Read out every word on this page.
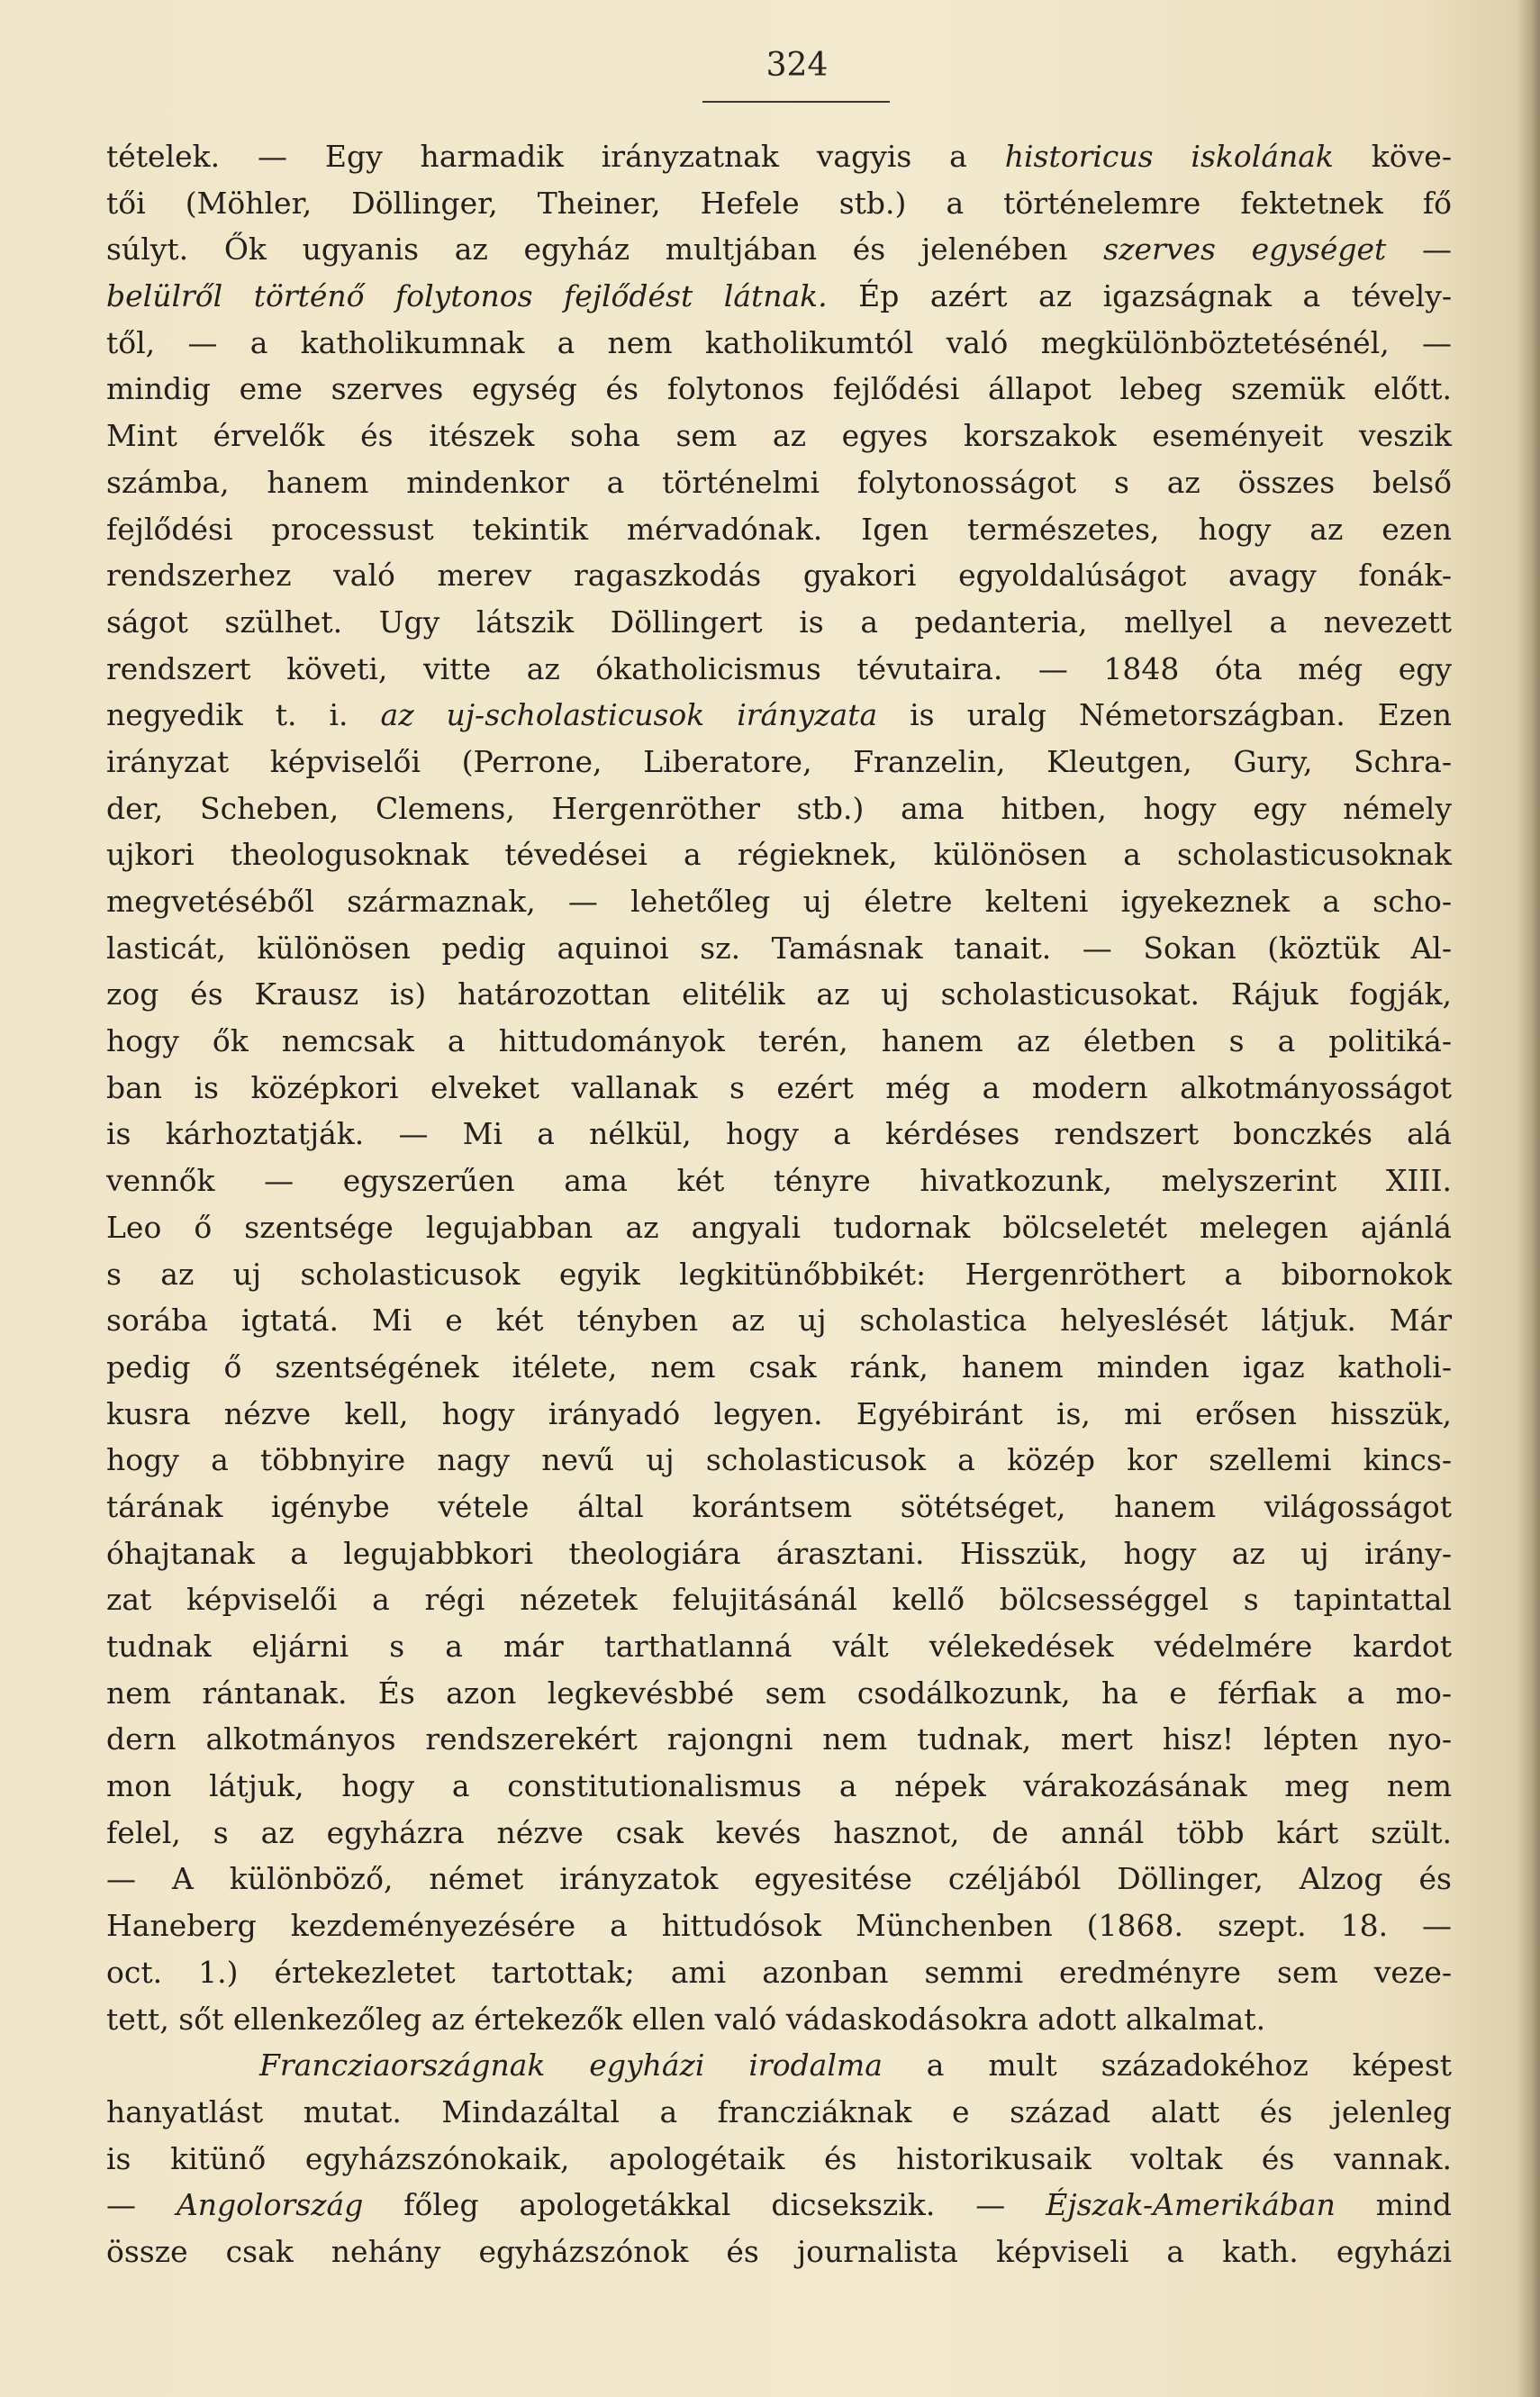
324
tételek. — Egy harmadik irányzatnak vagyis a historicus iskolának köve-
tői (Möhler, Döllinger, Theiner, Hefele stb.) a történelemre fektetnek fő
súlyt. Ők ugyanis az egyház multjában és jelenében szerves egységet —
belülről történő folytonos fejlődést látnak. Ép azért az igazságnak a tévely-
től, — a katholikumnak a nem katholikumtól való megkülönböztetésénél, —
mindig eme szerves egység és folytonos fejlődési állapot lebeg szemük előtt.
Mint érvelők és itészek soha sem az egyes korszakok eseményeit veszik
számba, hanem mindenkor a történelmi folytonosságot s az összes belső
fejlődési processust tekintik mérvadónak. Igen természetes, hogy az ezen
rendszerhez való merev ragaszkodás gyakori egyoldalúságot avagy fonák-
ságot szülhet. Ugy látszik Döllingert is a pedanteria, mellyel a nevezett
rendszert követi, vitte az ókatholicismus tévutaira. — 1848 óta még egy
negyedik t. i. az uj-scholasticusok irányzata is uralg Németországban. Ezen
irányzat képviselői (Perrone, Liberatore, Franzelin, Kleutgen, Gury, Schra-
der, Scheben, Clemens, Hergenröther stb.) ama hitben, hogy egy némely
ujkori theologusoknak tévedései a régieknek, különösen a scholasticusoknak
megvetéséből származnak, — lehetőleg uj életre kelteni igyekeznek a scho-
lasticát, különösen pedig aquinoi sz. Tamásnak tanait. — Sokan (köztük Al-
zog és Krausz is) határozottan elitélik az uj scholasticusokat. Rájuk fogják,
hogy ők nemcsak a hittudományok terén, hanem az életben s a politiká-
ban is középkori elveket vallanak s ezért még a modern alkotmányosságot
is kárhoztatják. — Mi a nélkül, hogy a kérdéses rendszert bonczkés alá
vennők — egyszerűen ama két tényre hivatkozunk, melyszerint XIII.
Leo ő szentsége legujabban az angyali tudornak bölcseletét melegen ajánlá
s az uj scholasticusok egyik legkitünőbbikét: Hergenröthert a bibornokok
sorába igtatá. Mi e két tényben az uj scholastica helyeslését látjuk. Már
pedig ő szentségének itélete, nem csak ránk, hanem minden igaz katholi-
kusra nézve kell, hogy irányadó legyen. Egyébiránt is, mi erősen hisszük,
hogy a többnyire nagy nevű uj scholasticusok a közép kor szellemi kincs-
tárának igénybe vétele által korántsem sötétséget, hanem világosságot
óhajtanak a legujabbkori theologiára árasztani. Hisszük, hogy az uj irány-
zat képviselői a régi nézetek felujitásánál kellő bölcsességgel s tapintattal
tudnak eljárni s a már tarthatlanná vált vélekedések védelmére kardot
nem rántanak. És azon legkevésbbé sem csodálkozunk, ha e férfiak a mo-
dern alkotmányos rendszerekért rajongni nem tudnak, mert hisz! lépten nyo-
mon látjuk, hogy a constitutionalismus a népek várakozásának meg nem
felel, s az egyházra nézve csak kevés hasznot, de annál több kárt szült.
— A különböző, német irányzatok egyesitése czéljából Döllinger, Alzog és
Haneberg kezdeményezésére a hittudósok Münchenben (1868. szept. 18. —
oct. 1.) értekezletet tartottak; ami azonban semmi eredményre sem veze-
tett, sőt ellenkezőleg az értekezők ellen való vádaskodásokra adott alkalmat.
Francziaországnak egyházi irodalma a mult századokéhoz képest
hanyatlást mutat. Mindazáltal a francziáknak e század alatt és jelenleg
is kitünő egyházszónokaik, apologétaik és historikusaik voltak és vannak.
— Angolország főleg apologetákkal dicsekszik. — Éjszak-Amerikában mind
össze csak nehány egyházszónok és journalista képviseli a kath. egyházi
